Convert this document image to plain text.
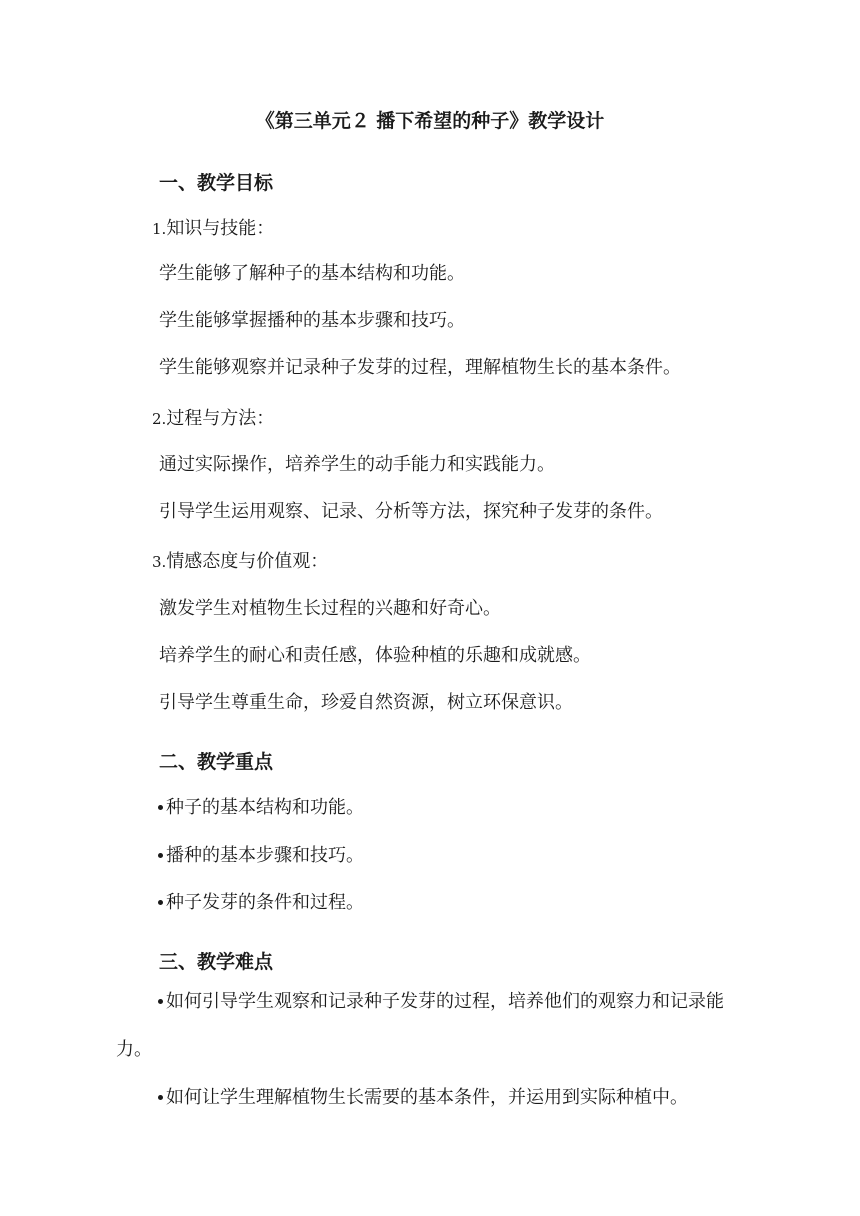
《第三单元２ 播下希望的种子》教学设计
一、教学目标
1.知识与技能：
学生能够了解种子的基本结构和功能。
学生能够掌握播种的基本步骤和技巧。
学生能够观察并记录种子发芽的过程，理解植物生长的基本条件。
2.过程与方法：
通过实际操作，培养学生的动手能力和实践能力。
引导学生运用观察、记录、分析等方法，探究种子发芽的条件。
3.情感态度与价值观：
激发学生对植物生长过程的兴趣和好奇心。
培养学生的耐心和责任感，体验种植的乐趣和成就感。
引导学生尊重生命，珍爱自然资源，树立环保意识。
二、教学重点
种子的基本结构和功能。
播种的基本步骤和技巧。
种子发芽的条件和过程。
三、教学难点
如何引导学生观察和记录种子发芽的过程，培养他们的观察力和记录能力。
如何让学生理解植物生长需要的基本条件，并运用到实际种植中。
